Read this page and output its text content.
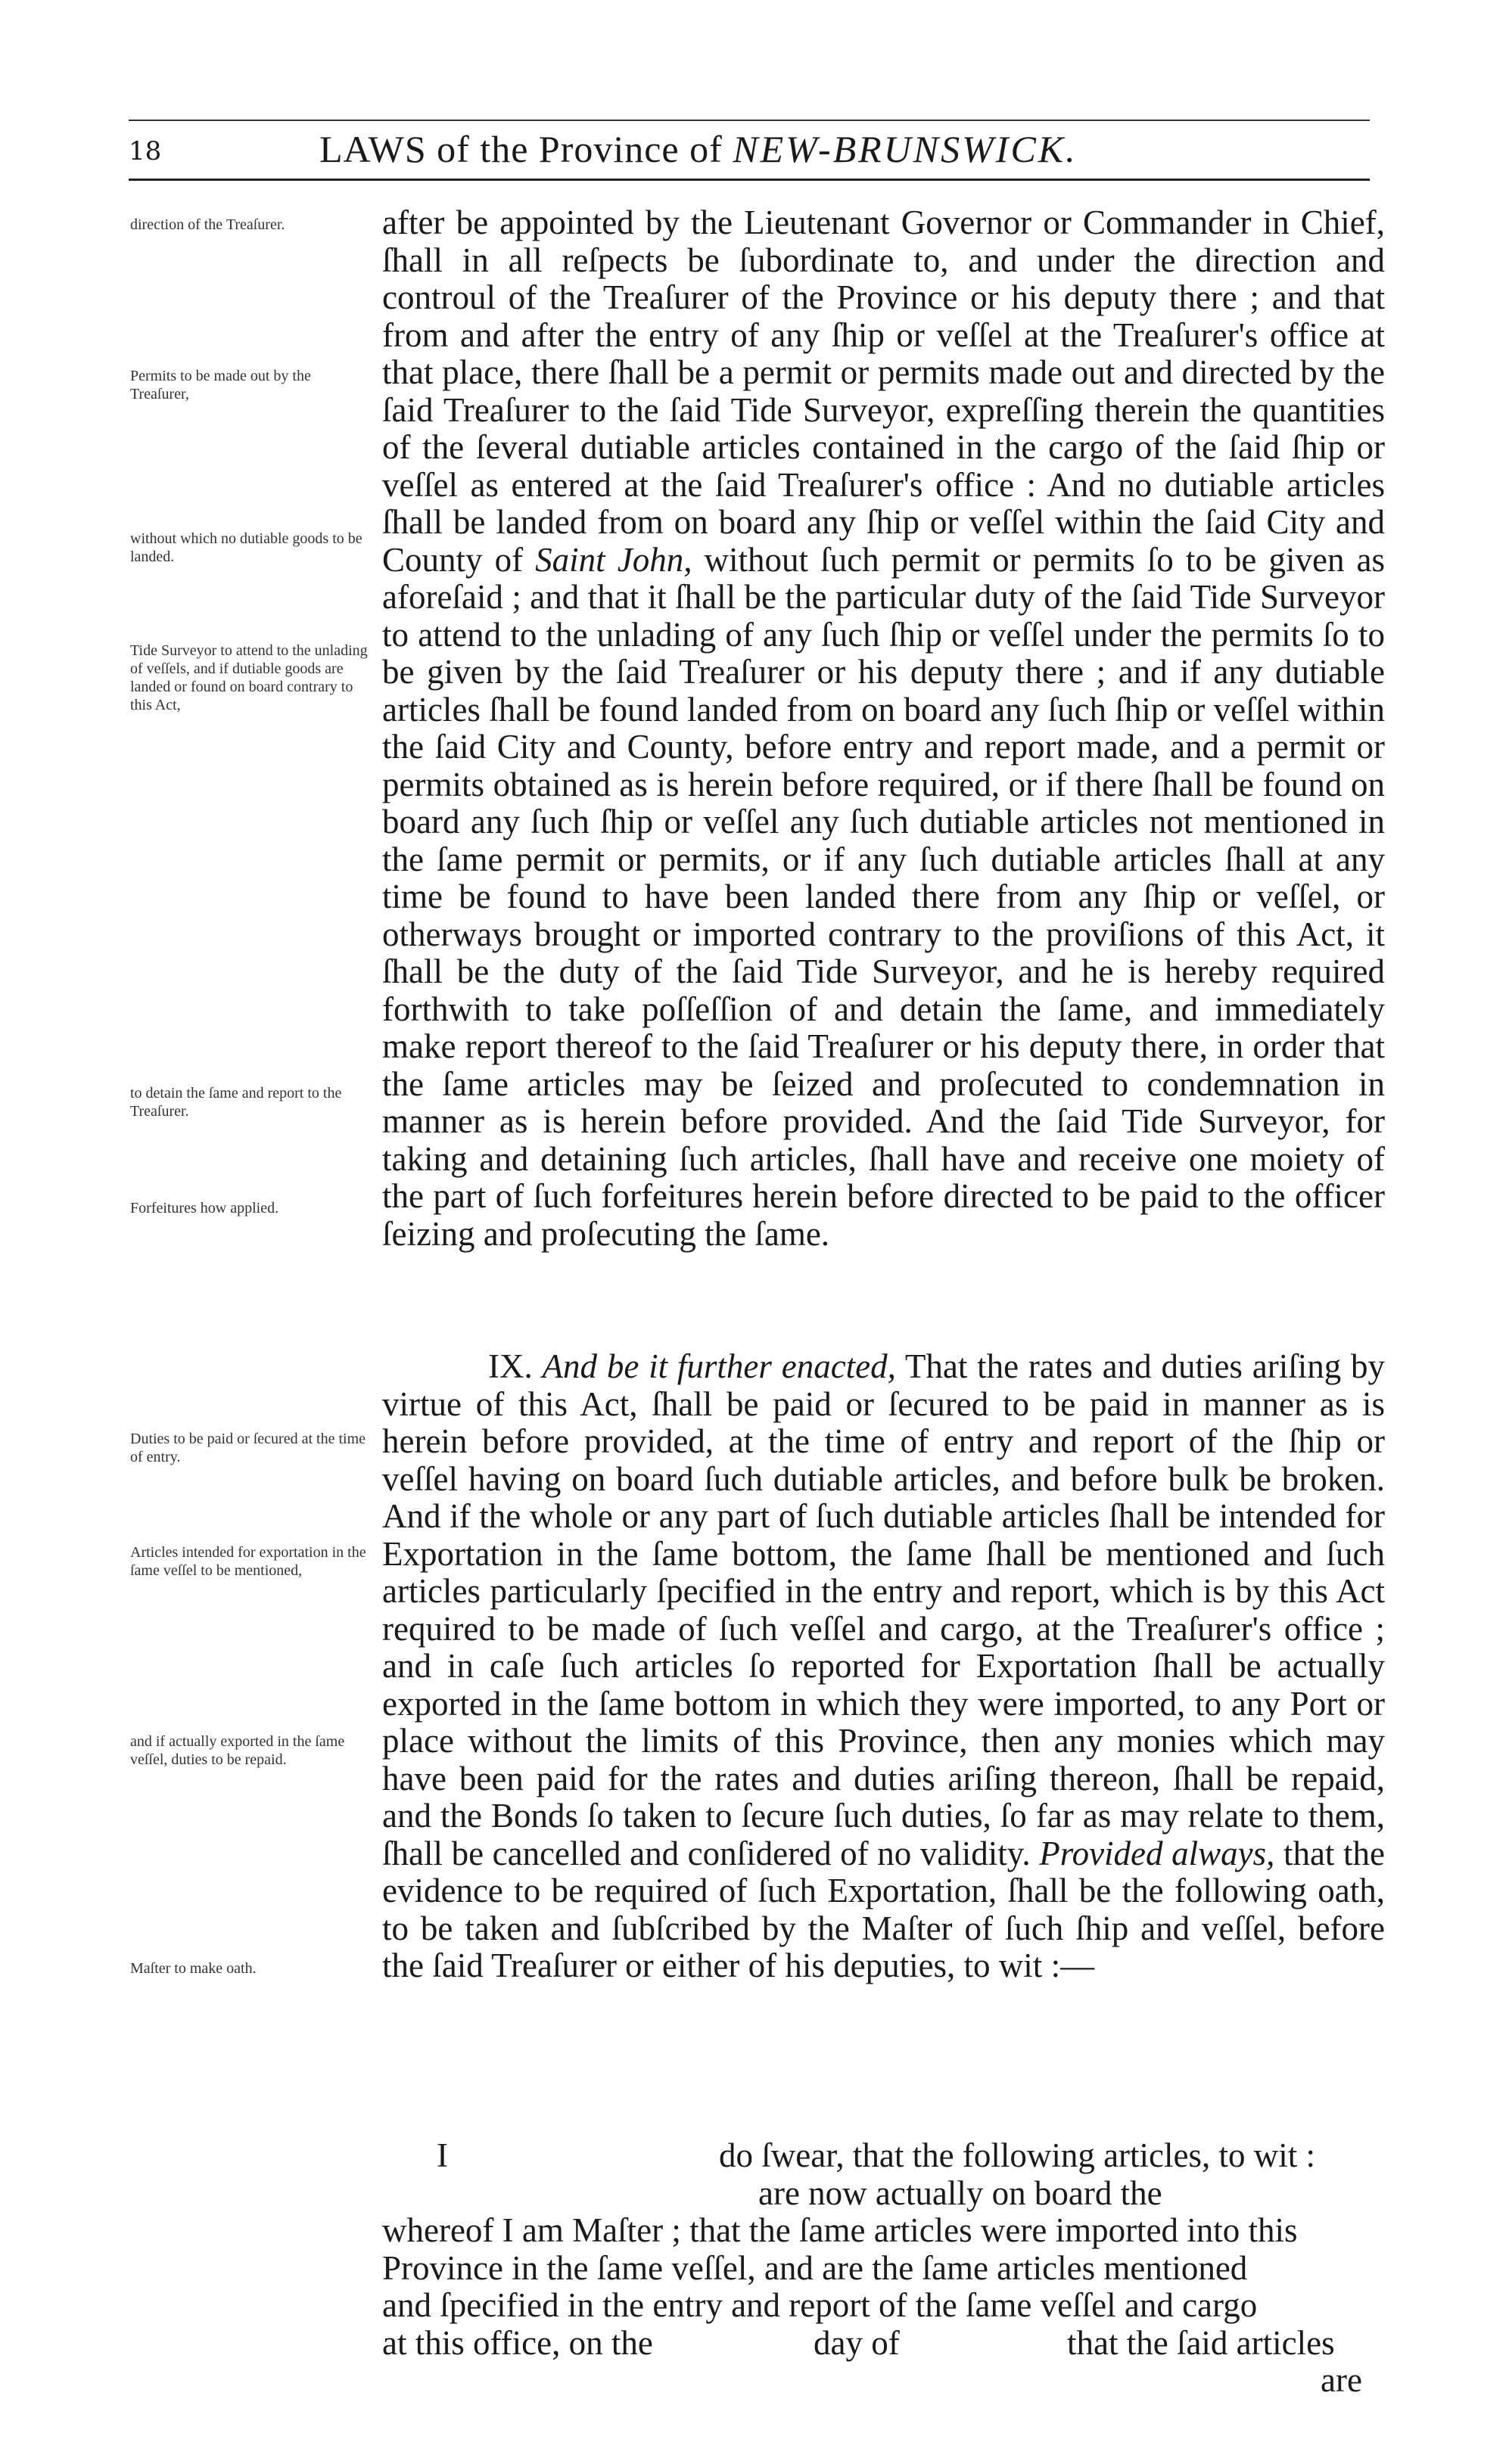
18	LAWS of the Province of NEW-BRUNSWICK.

after be appointed by the Lieutenant Governor or Commander in Chief, ſhall in all reſpects be ſubordinate to, and under the direction and controul of the Treaſurer of the Province or his deputy there ; and that from and after the entry of any ſhip or veſſel at the Treaſurer's office at that place, there ſhall be a permit or permits made out and directed by the ſaid Treaſurer to the ſaid Tide Surveyor, expreſſing therein the quantities of the ſeveral dutiable articles contained in the cargo of the ſaid ſhip or veſſel as entered at the ſaid Treaſurer's office : And no dutiable articles ſhall be landed from on board any ſhip or veſſel within the ſaid City and County of Saint John, without ſuch permit or permits ſo to be given as aforeſaid ; and that it ſhall be the particular duty of the ſaid Tide Surveyor to attend to the unlading of any ſuch ſhip or veſſel under the permits ſo to be given by the ſaid Treaſurer or his deputy there ; and if any dutiable articles ſhall be found landed from on board any ſuch ſhip or veſſel within the ſaid City and County, before entry and report made, and a permit or permits obtained as is herein before required, or if there ſhall be found on board any ſuch ſhip or veſſel any ſuch dutiable articles not mentioned in the ſame permit or permits, or if any ſuch dutiable articles ſhall at any time be found to have been landed there from any ſhip or veſſel, or otherways brought or imported contrary to the proviſions of this Act, it ſhall be the duty of the ſaid Tide Surveyor, and he is hereby required forthwith to take poſſeſſion of and detain the ſame, and immediately make report thereof to the ſaid Treaſurer or his deputy there, in order that the ſame articles may be ſeized and proſecuted to condemnation in manner as is herein before provided. And the ſaid Tide Surveyor, for taking and detaining ſuch articles, ſhall have and receive one moiety of the part of ſuch forfeitures herein before directed to be paid to the officer ſeizing and proſecuting the ſame.

IX. And be it further enacted, That the rates and duties ariſing by virtue of this Act, ſhall be paid or ſecured to be paid in manner as is herein before provided, at the time of entry and report of the ſhip or veſſel having on board ſuch dutiable articles, and before bulk be broken. And if the whole or any part of ſuch dutiable articles ſhall be intended for Exportation in the ſame bottom, the ſame ſhall be mentioned and ſuch articles particularly ſpecified in the entry and report, which is by this Act required to be made of ſuch veſſel and cargo, at the Treaſurer's office ; and in caſe ſuch articles ſo reported for Exportation ſhall be actually exported in the ſame bottom in which they were imported, to any Port or place without the limits of this Province, then any monies which may have been paid for the rates and duties ariſing thereon, ſhall be repaid, and the Bonds ſo taken to ſecure ſuch duties, ſo far as may relate to them, ſhall be cancelled and conſidered of no validity. Provided always, that the evidence to be required of ſuch Exportation, ſhall be the following oath, to be taken and ſubſcribed by the Maſter of ſuch ſhip and veſſel, before the ſaid Treaſurer or either of his deputies, to wit :—

I	do ſwear, that the following articles, to wit :
are now actually on board the
whereof I am Maſter ; that the ſame articles were imported into this
Province in the ſame veſſel, and are the ſame articles mentioned
and ſpecified in the entry and report of the ſame veſſel and cargo
at this office, on the	day of	that the ſaid articles
are
direction of the Treaſurer.
Permits to be made out by the Treaſurer,
without which no dutiable goods to be landed.
Tide Surveyor to attend to the unlading of veſſels, and if dutiable goods are landed or found on board contrary to this Act,
to detain the ſame and report to the Treaſurer.
Forfeitures how applied.
Duties to be paid or ſecured at the time of entry.
Articles intended for exportation in the ſame veſſel to be mentioned,
and if actually exported in the ſame veſſel, duties to be repaid.
Maſter to make oath.
